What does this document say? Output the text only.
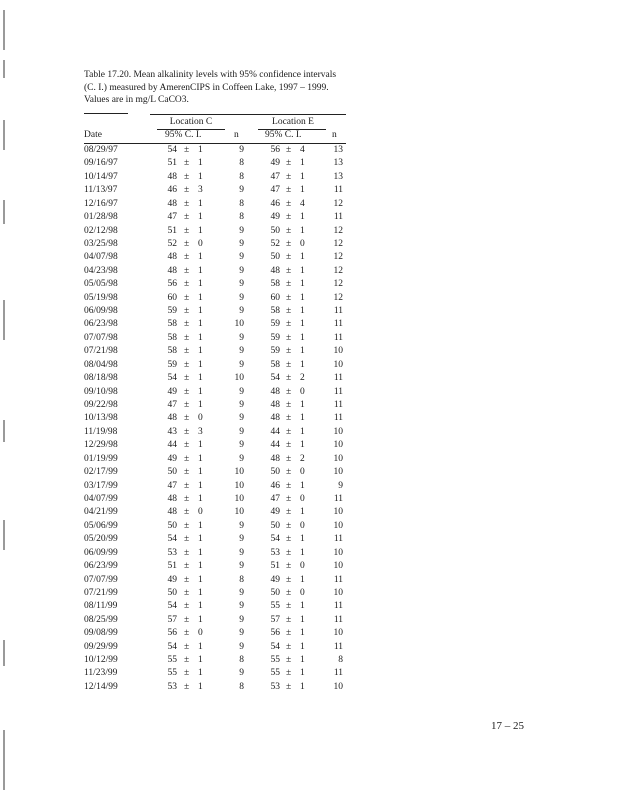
Table 17.20. Mean alkalinity levels with 95% confidence intervals (C. I.) measured by AmerenCIPS in Coffeen Lake, 1997 – 1999. Values are in mg/L CaCO3.
Location C	Location E
Date	95% C. I.	n	95% C. I.	n
08/29/97	54 ± 1	9	56 ± 4	13
09/16/97	51 ± 1	8	49 ± 1	13
10/14/97	48 ± 1	8	47 ± 1	13
11/13/97	46 ± 3	9	47 ± 1	11
12/16/97	48 ± 1	8	46 ± 4	12
01/28/98	47 ± 1	8	49 ± 1	11
02/12/98	51 ± 1	9	50 ± 1	12
03/25/98	52 ± 0	9	52 ± 0	12
04/07/98	48 ± 1	9	50 ± 1	12
04/23/98	48 ± 1	9	48 ± 1	12
05/05/98	56 ± 1	9	58 ± 1	12
05/19/98	60 ± 1	9	60 ± 1	12
06/09/98	59 ± 1	9	58 ± 1	11
06/23/98	58 ± 1	10	59 ± 1	11
07/07/98	58 ± 1	9	59 ± 1	11
07/21/98	58 ± 1	9	59 ± 1	10
08/04/98	59 ± 1	9	58 ± 1	10
08/18/98	54 ± 1	10	54 ± 2	11
09/10/98	49 ± 1	9	48 ± 0	11
09/22/98	47 ± 1	9	48 ± 1	11
10/13/98	48 ± 0	9	48 ± 1	11
11/19/98	43 ± 3	9	44 ± 1	10
12/29/98	44 ± 1	9	44 ± 1	10
01/19/99	49 ± 1	9	48 ± 2	10
02/17/99	50 ± 1	10	50 ± 0	10
03/17/99	47 ± 1	10	46 ± 1	9
04/07/99	48 ± 1	10	47 ± 0	11
04/21/99	48 ± 0	10	49 ± 1	10
05/06/99	50 ± 1	9	50 ± 0	10
05/20/99	54 ± 1	9	54 ± 1	11
06/09/99	53 ± 1	9	53 ± 1	10
06/23/99	51 ± 1	9	51 ± 0	10
07/07/99	49 ± 1	8	49 ± 1	11
07/21/99	50 ± 1	9	50 ± 0	10
08/11/99	54 ± 1	9	55 ± 1	11
08/25/99	57 ± 1	9	57 ± 1	11
09/08/99	56 ± 0	9	56 ± 1	10
09/29/99	54 ± 1	9	54 ± 1	11
10/12/99	55 ± 1	8	55 ± 1	8
11/23/99	55 ± 1	9	55 ± 1	11
12/14/99	53 ± 1	8	53 ± 1	10
17 – 25
